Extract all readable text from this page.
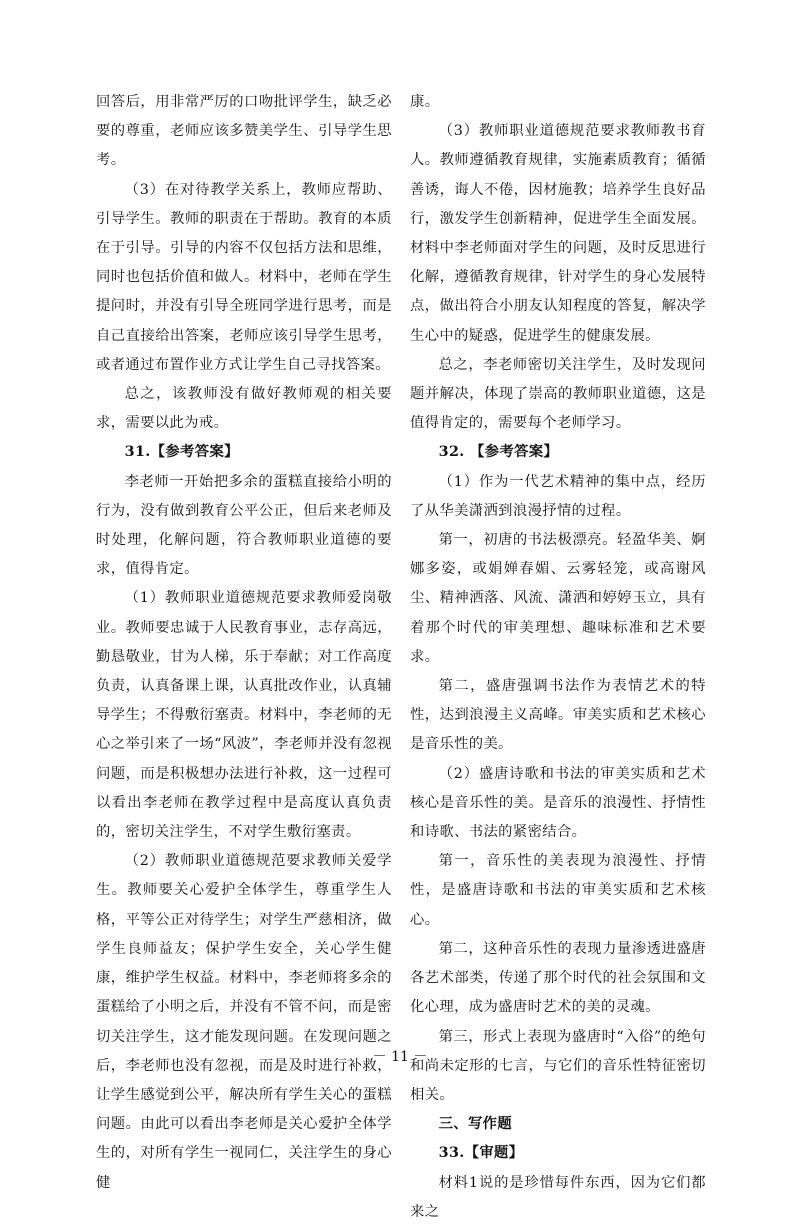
回答后，用非常严厉的口吻批评学生，缺乏必要的尊重，老师应该多赞美学生、引导学生思考。

（3）在对待教学关系上，教师应帮助、引导学生。教师的职责在于帮助。教育的本质在于引导。引导的内容不仅包括方法和思维，同时也包括价值和做人。材料中，老师在学生提问时，并没有引导全班同学进行思考，而是自己直接给出答案，老师应该引导学生思考，或者通过布置作业方式让学生自己寻找答案。

总之，该教师没有做好教师观的相关要求，需要以此为戒。

31.【参考答案】

李老师一开始把多余的蛋糕直接给小明的行为，没有做到教育公平公正，但后来老师及时处理，化解问题，符合教师职业道德的要求，值得肯定。

（1）教师职业道德规范要求教师爱岗敬业。教师要忠诚于人民教育事业，志存高远，勤恳敬业，甘为人梯，乐于奉献；对工作高度负责，认真备课上课，认真批改作业，认真辅导学生；不得敷衍塞责。材料中，李老师的无心之举引来了一场“风波”，李老师并没有忽视问题，而是积极想办法进行补救，这一过程可以看出李老师在教学过程中是高度认真负责的，密切关注学生，不对学生敷衍塞责。

（2）教师职业道德规范要求教师关爱学生。教师要关心爱护全体学生，尊重学生人格，平等公正对待学生；对学生严慈相济，做学生良师益友；保护学生安全，关心学生健康，维护学生权益。材料中，李老师将多余的蛋糕给了小明之后，并没有不管不问，而是密切关注学生，这才能发现问题。在发现问题之后，李老师也没有忽视，而是及时进行补救，让学生感觉到公平，解决所有学生关心的蛋糕问题。由此可以看出李老师是关心爱护全体学生的，对所有学生一视同仁，关注学生的身心健

康。

（3）教师职业道德规范要求教师教书育人。教师遵循教育规律，实施素质教育；循循善诱，诲人不倦，因材施教；培养学生良好品行，激发学生创新精神，促进学生全面发展。材料中李老师面对学生的问题，及时反思进行化解，遵循教育规律，针对学生的身心发展特点，做出符合小朋友认知程度的答复，解决学生心中的疑惑，促进学生的健康发展。

总之，李老师密切关注学生，及时发现问题并解决，体现了崇高的教师职业道德，这是值得肯定的，需要每个老师学习。

32. 【参考答案】

（1）作为一代艺术精神的集中点，经历了从华美潇洒到浪漫抒情的过程。

第一，初唐的书法极漂亮。轻盈华美、婀娜多姿，或娟婵春媚、云雾轻笼，或高谢风尘、精神洒落、风流、潇洒和婷婷玉立，具有着那个时代的审美理想、趣味标准和艺术要求。

第二，盛唐强调书法作为表情艺术的特性，达到浪漫主义高峰。审美实质和艺术核心是音乐性的美。

（2）盛唐诗歌和书法的审美实质和艺术核心是音乐性的美。是音乐的浪漫性、抒情性和诗歌、书法的紧密结合。

第一，音乐性的美表现为浪漫性、抒情性，是盛唐诗歌和书法的审美实质和艺术核心。

第二，这种音乐性的表现力量渗透进盛唐各艺术部类，传递了那个时代的社会氛围和文化心理，成为盛唐时艺术的美的灵魂。

第三，形式上表现为盛唐时“入俗”的绝句和尚未定形的七言，与它们的音乐性特征密切相关。

三、写作题

33.【审题】

材料1说的是珍惜每件东西，因为它们都来之

－ 11 －
